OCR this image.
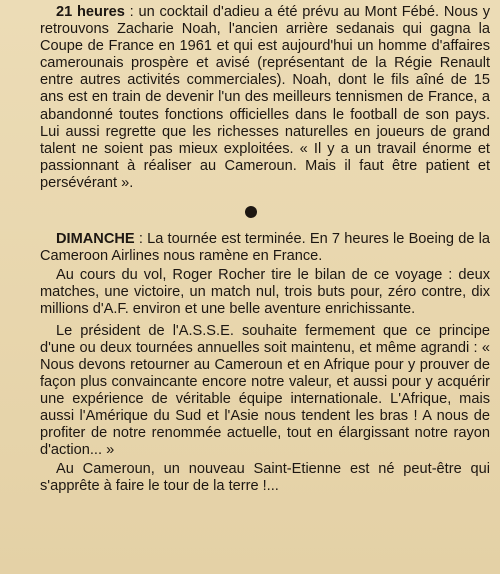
21 heures : un cocktail d'adieu a été prévu au Mont Fébé. Nous y retrouvons Zacharie Noah, l'ancien arrière sedanais qui gagna la Coupe de France en 1961 et qui est aujourd'hui un homme d'affaires camerounais prospère et avisé (représentant de la Régie Renault entre autres activités commerciales). Noah, dont le fils aîné de 15 ans est en train de devenir l'un des meilleurs tennismen de France, a abandonné toutes fonctions officielles dans le football de son pays. Lui aussi regrette que les richesses naturelles en joueurs de grand talent ne soient pas mieux exploitées. « Il y a un travail énorme et passionnant à réaliser au Cameroun. Mais il faut être patient et persévérant ».

DIMANCHE : La tournée est terminée. En 7 heures le Boeing de la Cameroon Airlines nous ramène en France.

Au cours du vol, Roger Rocher tire le bilan de ce voyage : deux matches, une victoire, un match nul, trois buts pour, zéro contre, dix millions d'A.F. environ et une belle aventure enrichissante.

Le président de l'A.S.S.E. souhaite fermement que ce principe d'une ou deux tournées annuelles soit maintenu, et même agrandi : « Nous devons retourner au Cameroun et en Afrique pour y prouver de façon plus convaincante encore notre valeur, et aussi pour y acquérir une expérience de véritable équipe internationale. L'Afrique, mais aussi l'Amérique du Sud et l'Asie nous tendent les bras ! A nous de profiter de notre renommée actuelle, tout en élargissant notre rayon d'action... »

Au Cameroun, un nouveau Saint-Etienne est né peut-être qui s'apprête à faire le tour de la terre !...
